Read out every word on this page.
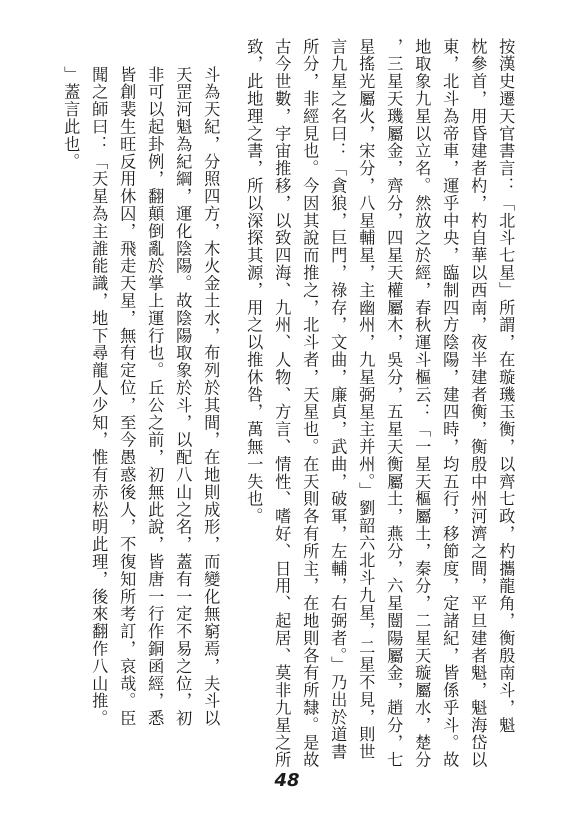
按漢史遷天官書言：「北斗七星」所謂，在璇璣玉衡，以齊七政，杓攜龍角，衡殷南斗，魁
枕參首，用昏建者杓，杓自華以西南，夜半建者衡，衡殷中州河濟之間，平旦建者魁，魁海岱以
東，北斗為帝車，運乎中央，臨制四方陰陽，建四時，均五行，移節度，定諸紀，皆係乎斗。故
地取象九星以立名。然放之於經，春秋運斗樞云：「一星天樞屬土，秦分，二星天璇屬水，楚分
，三星天璣屬金，齊分，四星天權屬木，吳分，五星天衡屬土，燕分，六星闓陽屬金，趙分，七
星搖光屬火，宋分，八星輔星，主幽州，九星弼星主并州。」劉韶六北斗九星，二星不見，則世
言九星之名曰：「貪狼，巨門，祿存，文曲，廉貞，武曲，破軍，左輔，右弼者。」乃出於道書
所分，非經見也。今因其說而推之，北斗者，天星也。在天則各有所主，在地則各有所隸。是故
古今世數，宇宙推移，以致四海、九州、人物、方言、情性、嗜好、日用、起居、莫非九星之所
致，此地理之書，所以深探其源，用之以推休咎，萬無一失也。
斗為天紀，分照四方，木火金土水，布列於其間，在地則成形，而變化無窮焉，夫斗以
天罡河魁為紀綱，運化陰陽。故陰陽取象於斗，以配八山之名，蓋有一定不易之位，初
非可以起卦例，翻顛倒亂於掌上運行也。丘公之前，初無此說，皆唐一行作銅函經，悉
皆創裴生旺反用休囚，飛走天星，無有定位，至今愚惑後人，不復知所考訂，哀哉。臣
聞之師曰：「天星為主誰能識，地下尋龍人少知，惟有赤松明此理，後來翻作八山推。
」蓋言此也。
48
